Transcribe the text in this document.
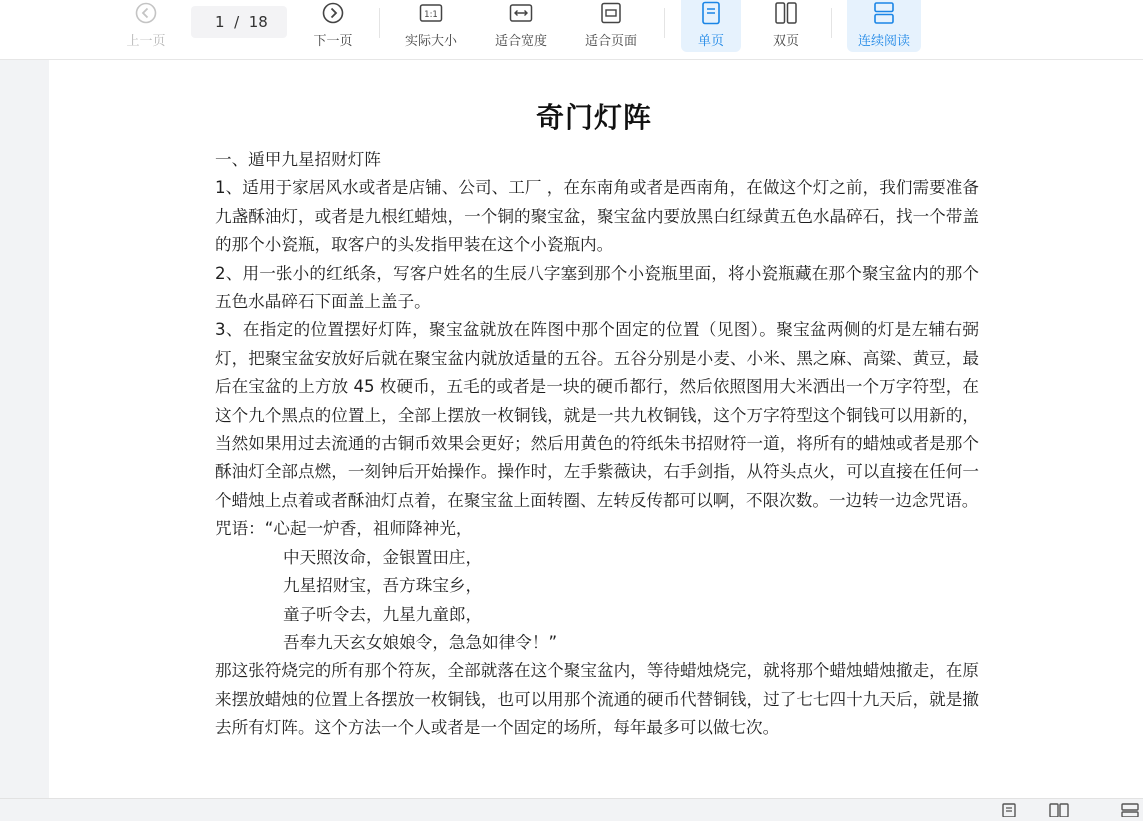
上一页
1 / 18
下一页
1:1
实际大小	适合宽度	适合页面	单页	双页	连续阅读
奇门灯阵

一、遁甲九星招财灯阵

1、适用于家居风水或者是店铺、公司、工厂 ，在东南角或者是西南角，在做这个灯之前，我们需要准备九盏酥油灯，或者是九根红蜡烛，一个铜的聚宝盆，聚宝盆内要放黑白红绿黄五色水晶碎石，找一个带盖的那个小瓷瓶，取客户的头发指甲装在这个小瓷瓶内。

2、用一张小的红纸条，写客户姓名的生辰八字塞到那个小瓷瓶里面，将小瓷瓶藏在那个聚宝盆内的那个五色水晶碎石下面盖上盖子。

3、在指定的位置摆好灯阵，聚宝盆就放在阵图中那个固定的位置（见图）。聚宝盆两侧的灯是左辅右弼灯，把聚宝盆安放好后就在聚宝盆内就放适量的五谷。五谷分别是小麦、小米、黑之麻、高粱、黄豆，最后在宝盆的上方放 45 枚硬币，五毛的或者是一块的硬币都行，然后依照图用大米洒出一个万字符型，在这个九个黑点的位置上，全部上摆放一枚铜钱，就是一共九枚铜钱，这个万字符型这个铜钱可以用新的，当然如果用过去流通的古铜币效果会更好；然后用黄色的符纸朱书招财符一道，将所有的蜡烛或者是那个酥油灯全部点燃，一刻钟后开始操作。操作时，左手紫薇诀，右手剑指，从符头点火，可以直接在任何一个蜡烛上点着或者酥油灯点着，在聚宝盆上面转圈、左转反传都可以啊，不限次数。一边转一边念咒语。

咒语：“心起一炉香，祖师降神光，

中天照汝命，金银置田庄，

九星招财宝，吾方珠宝乡，

童子听令去，九星九童郎，

吾奉九天玄女娘娘令，急急如律令！”

那这张符烧完的所有那个符灰，全部就落在这个聚宝盆内，等待蜡烛烧完，就将那个蜡烛蜡烛撤走，在原来摆放蜡烛的位置上各摆放一枚铜钱，也可以用那个流通的硬币代替铜钱，过了七七四十九天后，就是撤去所有灯阵。这个方法一个人或者是一个固定的场所，每年最多可以做七次。
